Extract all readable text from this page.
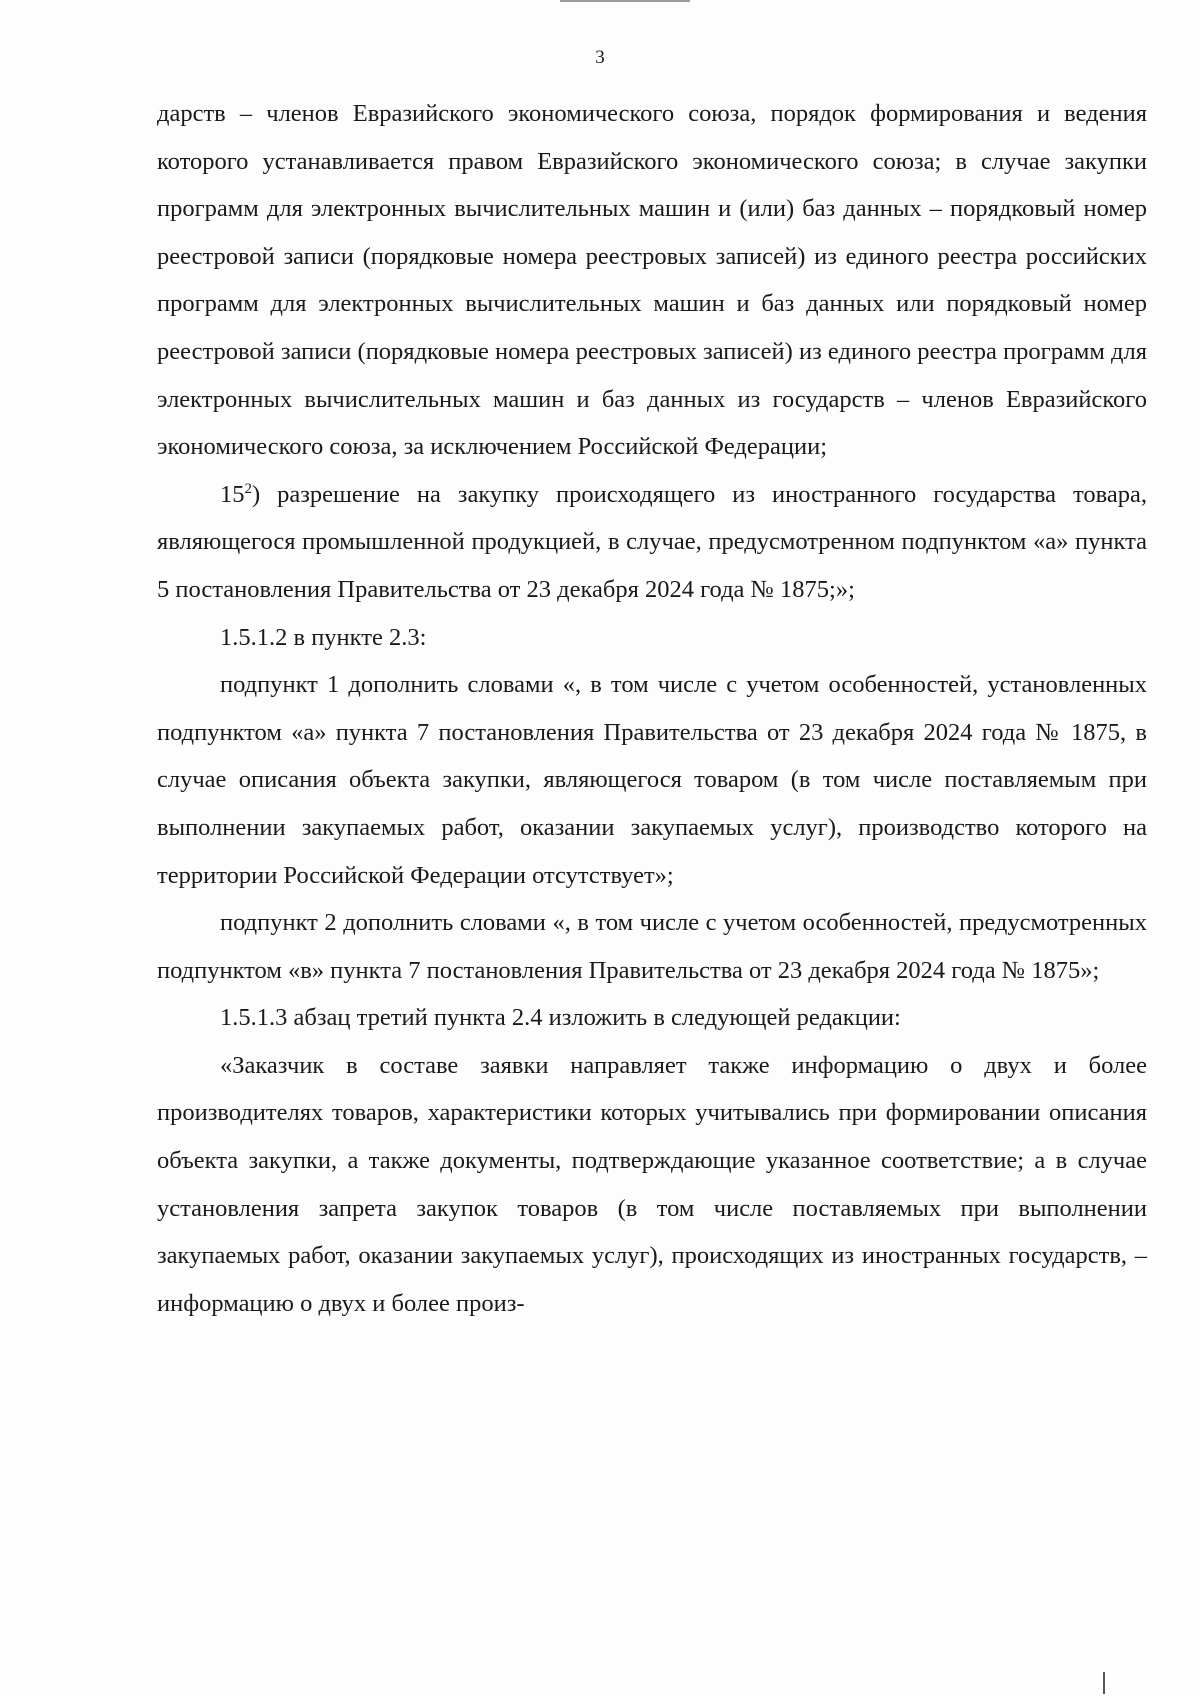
3

дарств – членов Евразийского экономического союза, порядок формирования и ведения которого устанавливается правом Евразийского экономического союза; в случае закупки программ для электронных вычислительных машин и (или) баз данных – порядковый номер реестровой записи (порядковые номера реестровых записей) из единого реестра российских программ для электронных вычислительных машин и баз данных или порядковый номер реестровой записи (порядковые номера реестровых записей) из единого реестра программ для электронных вычислительных машин и баз данных из государств – членов Евразийского экономического союза, за исключением Российской Федерации;

$15^2$) разрешение на закупку происходящего из иностранного государства товара, являющегося промышленной продукцией, в случае, предусмотренном подпунктом «а» пункта 5 постановления Правительства от 23 декабря 2024 года № 1875;»;

1.5.1.2 в пункте 2.3:

подпункт 1 дополнить словами «, в том числе с учетом особенностей, установленных подпунктом «а» пункта 7 постановления Правительства от 23 декабря 2024 года № 1875, в случае описания объекта закупки, являющегося товаром (в том числе поставляемым при выполнении закупаемых работ, оказании закупаемых услуг), производство которого на территории Российской Федерации отсутствует»;

подпункт 2 дополнить словами «, в том числе с учетом особенностей, предусмотренных подпунктом «в» пункта 7 постановления Правительства от 23 декабря 2024 года № 1875»;

1.5.1.3 абзац третий пункта 2.4 изложить в следующей редакции:

«Заказчик в составе заявки направляет также информацию о двух и более производителях товаров, характеристики которых учитывались при формировании описания объекта закупки, а также документы, подтверждающие указанное соответствие; а в случае установления запрета закупок товаров (в том числе поставляемых при выполнении закупаемых работ, оказании закупаемых услуг), происходящих из иностранных государств, – информацию о двух и более произ-
